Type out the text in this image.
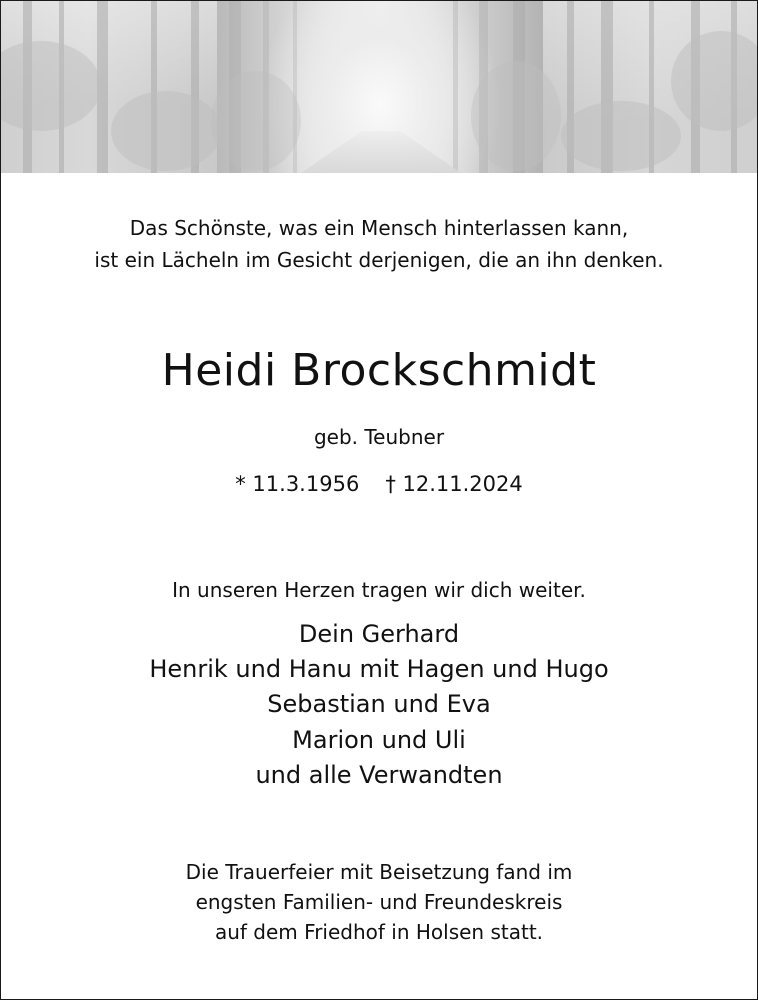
Das Schönste, was ein Mensch hinterlassen kann,

ist ein Lächeln im Gesicht derjenigen, die an ihn denken.

Heidi Brockschmidt

geb. Teubner

* 11.3.1956 † 12.11.2024

In unseren Herzen tragen wir dich weiter.

Dein Gerhard

Henrik und Hanu mit Hagen und Hugo

Sebastian und Eva

Marion und Uli

und alle Verwandten

Die Trauerfeier mit Beisetzung fand im

engsten Familien- und Freundeskreis

auf dem Friedhof in Holsen statt.
